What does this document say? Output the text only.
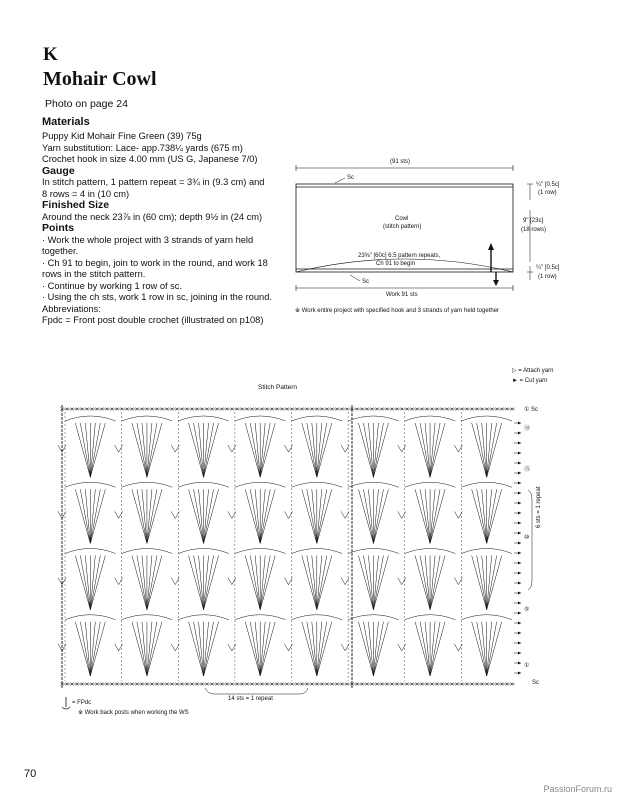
K
Mohair Cowl
Photo on page 24
Materials
Puppy Kid Mohair Fine Green (39) 75g
Yarn substitution: Lace- app.738¼ yards (675 m)
Crochet hook in size 4.00 mm (US G, Japanese 7/0)
Gauge
In stitch pattern, 1 pattern repeat = 3¾ in (9.3 cm) and
8 rows = 4 in (10 cm)
Finished Size
Around the neck 23⅞ in (60 cm); depth 9½ in (24 cm)
Points
· Work the whole project with 3 strands of yarn held
together.
· Ch 91 to begin, join to work in the round, and work 18
rows in the stitch pattern.
· Continue by working 1 row of sc.
· Using the ch sts, work 1 row in sc, joining in the round.
Abbreviations:
Fpdc = Front post double crochet (illustrated on p108)
(91 sts)
Sc
Cowl
(stitch pattern)
23⅝" [60c] 6.5 pattern repeats,
Ch 91 to begin
Sc
Work 91 sts
※ Work entire project with specified hook and 3 strands of yarn held together
¼" [0.5c]
(1 row)
9" [23c]
(18 rows)
¼" [0.5c]
(1 row)
▷ = Attach yarn
► = Cut yarn
Stitch Pattern
① Sc
⑱
⑮
⑩
⑤
①
Sc
6 sts = 1 repeat
14 sts = 1 repeat
= FPdc
※ Work back posts when working the WS
70
PassionForum.ru
